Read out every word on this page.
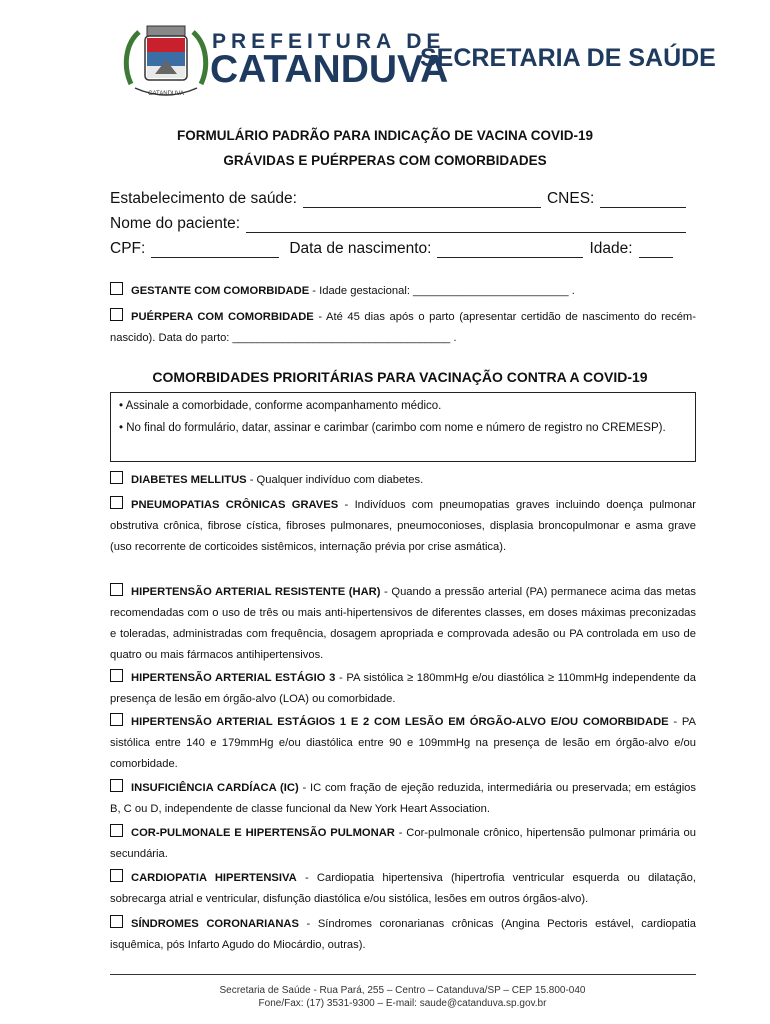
CATANDUVA
PREFEITURA DE
CATANDUVA
SECRETARIA DE SAÚDE
FORMULÁRIO PADRÃO PARA INDICAÇÃO DE VACINA COVID-19
GRÁVIDAS E PUÉRPERAS COM COMORBIDADES
Estabelecimento de saúde:	CNES:
Nome do paciente:
CPF:	Data de nascimento:	Idade:
GESTANTE COM COMORBIDADE - Idade gestacional: _________________________ .
PUÉRPERA COM COMORBIDADE - Até 45 dias após o parto (apresentar certidão de nascimento do recém-nascido). Data do parto: ___________________________________ .
COMORBIDADES PRIORITÁRIAS PARA VACINAÇÃO CONTRA A COVID-19

• Assinale a comorbidade, conforme acompanhamento médico.

• No final do formulário, datar, assinar e carimbar (carimbo com nome e número de registro no CREMESP).

DIABETES MELLITUS - Qualquer indivíduo com diabetes.
PNEUMOPATIAS CRÔNICAS GRAVES - Indivíduos com pneumopatias graves incluindo doença pulmonar obstrutiva crônica, fibrose cística, fibroses pulmonares, pneumoconioses, displasia broncopulmonar e asma grave (uso recorrente de corticoides sistêmicos, internação prévia por crise asmática).
HIPERTENSÃO ARTERIAL RESISTENTE (HAR) - Quando a pressão arterial (PA) permanece acima das metas recomendadas com o uso de três ou mais anti-hipertensivos de diferentes classes, em doses máximas preconizadas e toleradas, administradas com frequência, dosagem apropriada e comprovada adesão ou PA controlada em uso de quatro ou mais fármacos antihipertensivos.
HIPERTENSÃO ARTERIAL ESTÁGIO 3 - PA sistólica ≥ 180mmHg e/ou diastólica ≥ 110mmHg independente da presença de lesão em órgão-alvo (LOA) ou comorbidade.
HIPERTENSÃO ARTERIAL ESTÁGIOS 1 E 2 COM LESÃO EM ÓRGÃO-ALVO E/OU COMORBIDADE - PA sistólica entre 140 e 179mmHg e/ou diastólica entre 90 e 109mmHg na presença de lesão em órgão-alvo e/ou comorbidade.
INSUFICIÊNCIA CARDÍACA (IC) - IC com fração de ejeção reduzida, intermediária ou preservada; em estágios B, C ou D, independente de classe funcional da New York Heart Association.
COR-PULMONALE E HIPERTENSÃO PULMONAR - Cor-pulmonale crônico, hipertensão pulmonar primária ou secundária.
CARDIOPATIA HIPERTENSIVA - Cardiopatia hipertensiva (hipertrofia ventricular esquerda ou dilatação, sobrecarga atrial e ventricular, disfunção diastólica e/ou sistólica, lesões em outros órgãos-alvo).
SÍNDROMES CORONARIANAS - Síndromes coronarianas crônicas (Angina Pectoris estável, cardiopatia isquêmica, pós Infarto Agudo do Miocárdio, outras).
Secretaria de Saúde - Rua Pará, 255 – Centro – Catanduva/SP – CEP 15.800-040
Fone/Fax: (17) 3531-9300 – E-mail: saude@catanduva.sp.gov.br
